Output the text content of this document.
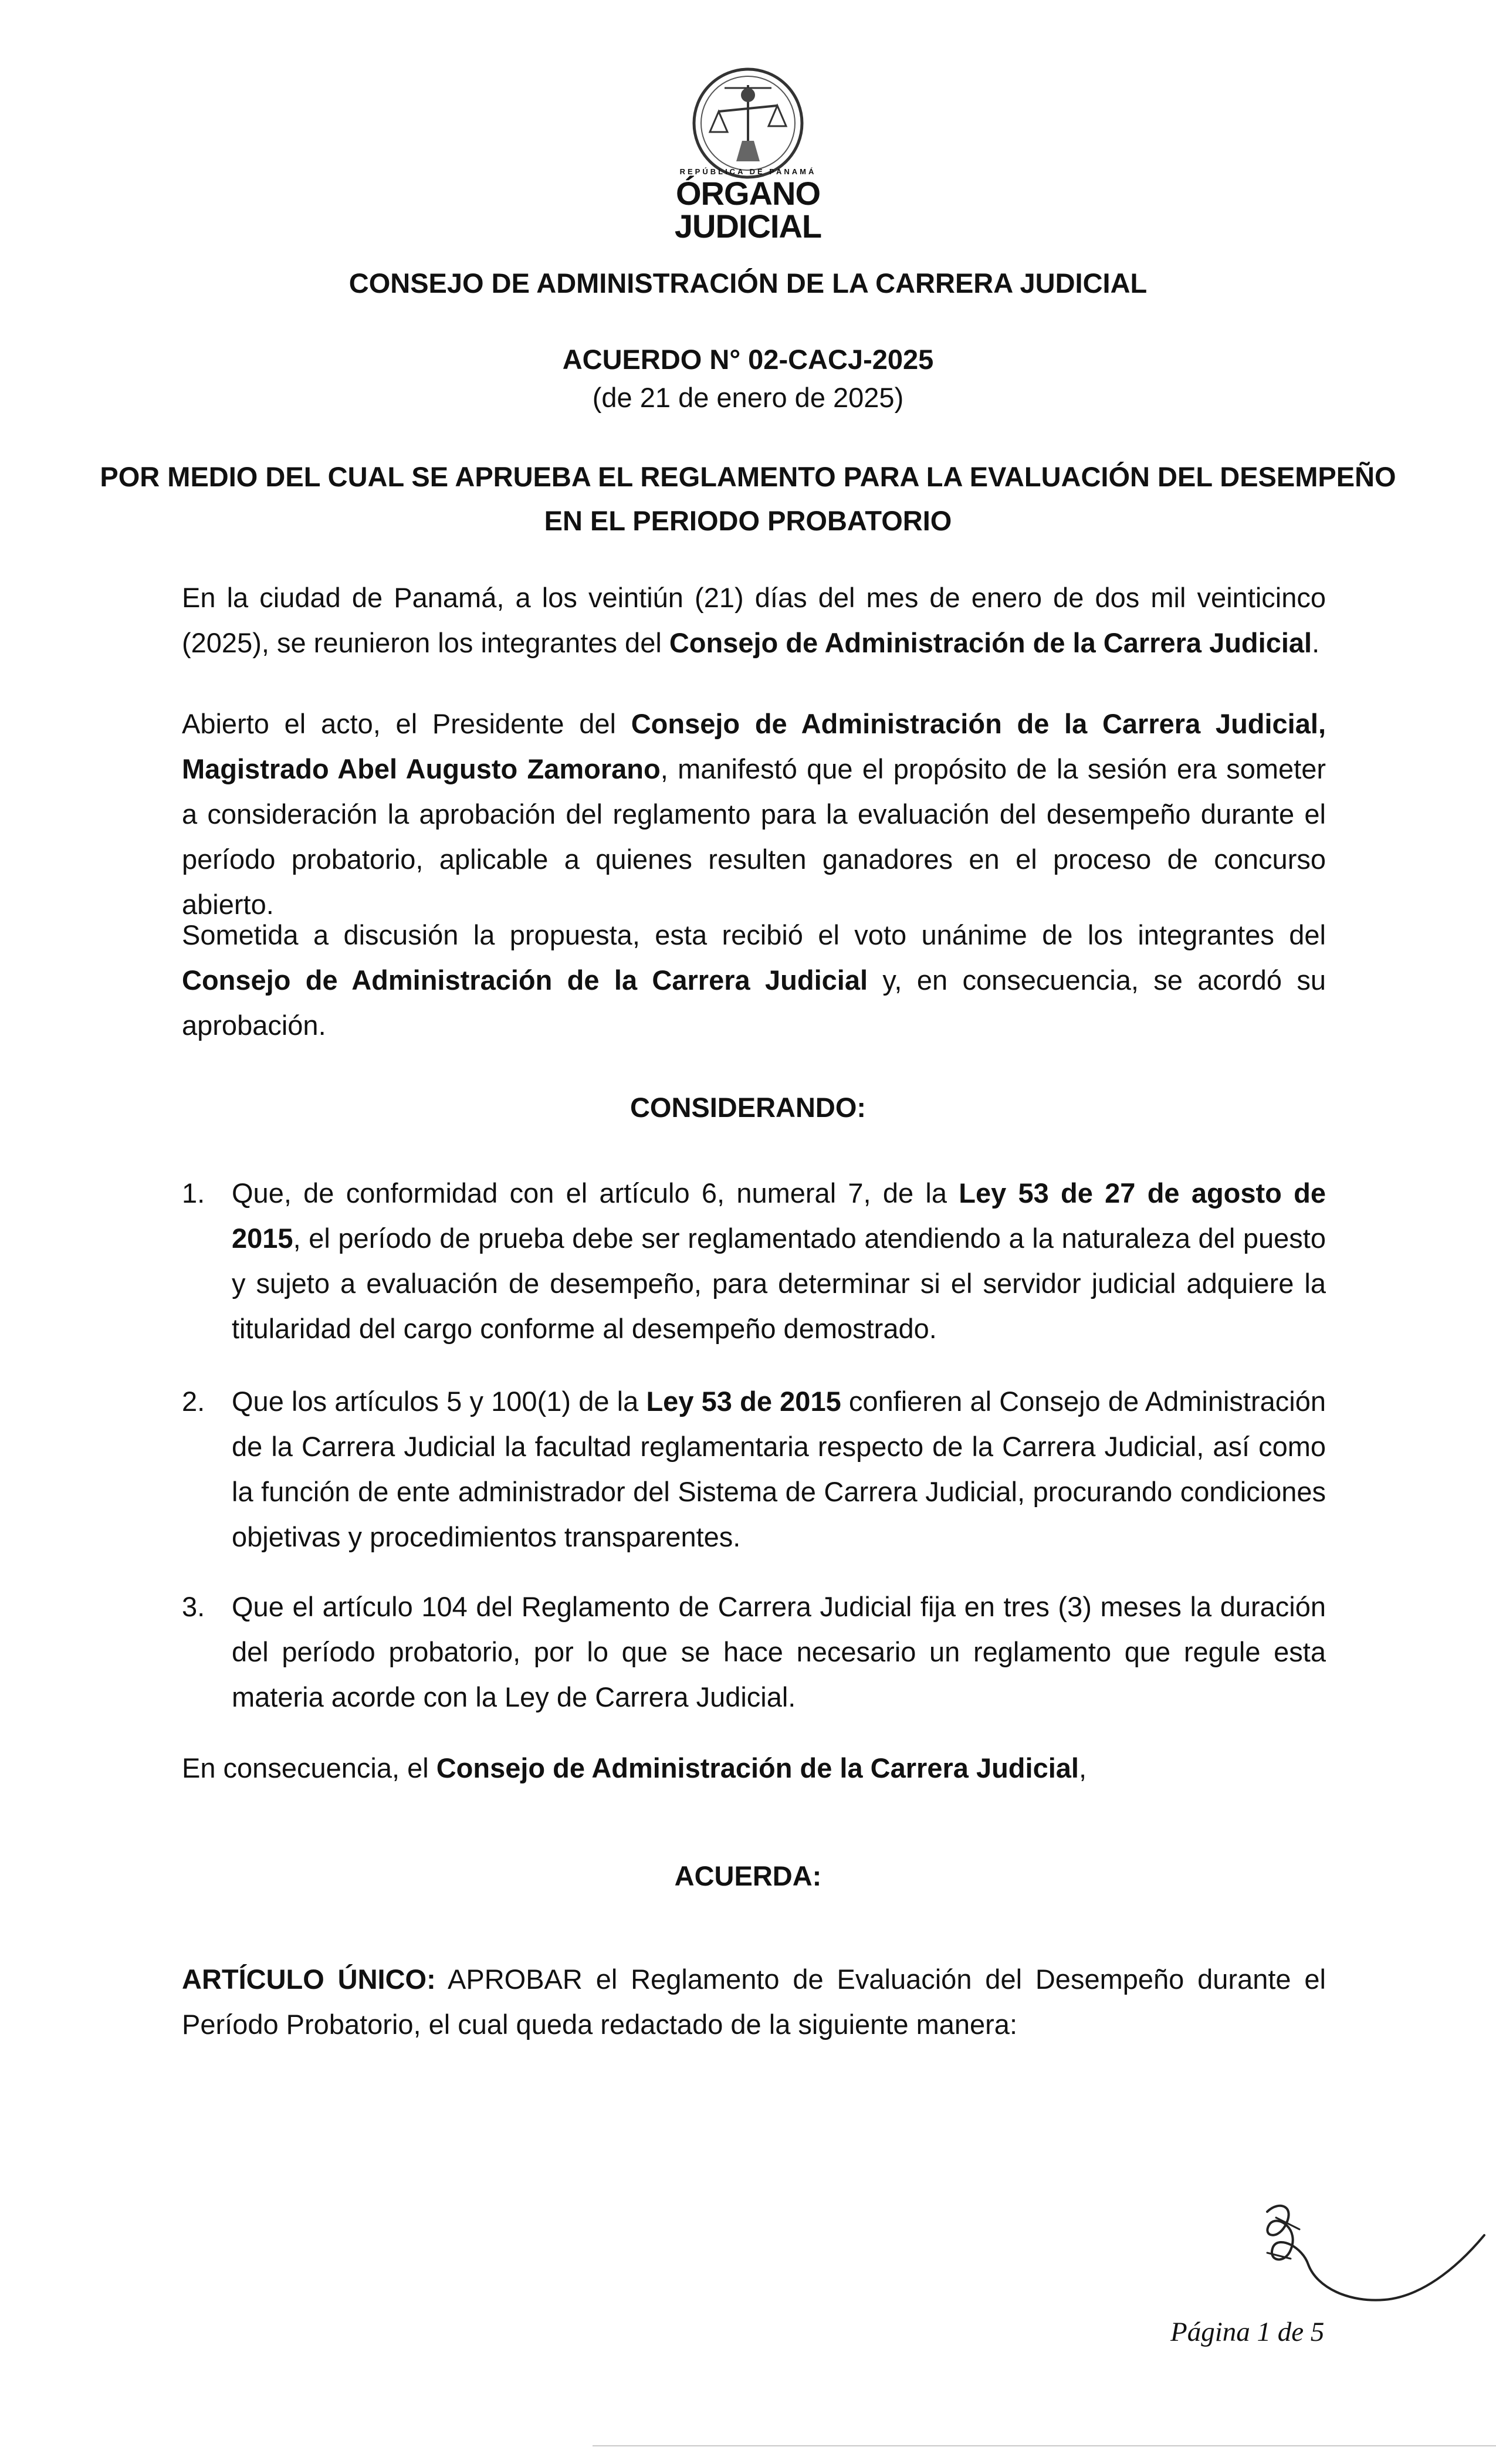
REPÚBLICA DE PANAMÁ
ÓRGANO
JUDICIAL
CONSEJO DE ADMINISTRACIÓN DE LA CARRERA JUDICIAL
ACUERDO N° 02-CACJ-2025
(de 21 de enero de 2025)
POR MEDIO DEL CUAL SE APRUEBA EL REGLAMENTO PARA LA EVALUACIÓN DEL DESEMPEÑO
EN EL PERIODO PROBATORIO

En la ciudad de Panamá, a los veintiún (21) días del mes de enero de dos mil veinticinco (2025), se reunieron los integrantes del Consejo de Administración de la Carrera Judicial.

Abierto el acto, el Presidente del Consejo de Administración de la Carrera Judicial, Magistrado Abel Augusto Zamorano, manifestó que el propósito de la sesión era someter a consideración la aprobación del reglamento para la evaluación del desempeño durante el período probatorio, aplicable a quienes resulten ganadores en el proceso de concurso abierto.

Sometida a discusión la propuesta, esta recibió el voto unánime de los integrantes del Consejo de Administración de la Carrera Judicial y, en consecuencia, se acordó su aprobación.

CONSIDERANDO:
1. Que, de conformidad con el artículo 6, numeral 7, de la Ley 53 de 27 de agosto de 2015, el período de prueba debe ser reglamentado atendiendo a la naturaleza del puesto y sujeto a evaluación de desempeño, para determinar si el servidor judicial adquiere la titularidad del cargo conforme al desempeño demostrado.
2. Que los artículos 5 y 100(1) de la Ley 53 de 2015 confieren al Consejo de Administración de la Carrera Judicial la facultad reglamentaria respecto de la Carrera Judicial, así como la función de ente administrador del Sistema de Carrera Judicial, procurando condiciones objetivas y procedimientos transparentes.
3. Que el artículo 104 del Reglamento de Carrera Judicial fija en tres (3) meses la duración del período probatorio, por lo que se hace necesario un reglamento que regule esta materia acorde con la Ley de Carrera Judicial.

En consecuencia, el Consejo de Administración de la Carrera Judicial,

ACUERDA:

ARTÍCULO ÚNICO: APROBAR el Reglamento de Evaluación del Desempeño durante el Período Probatorio, el cual queda redactado de la siguiente manera:

Página 1 de 5
